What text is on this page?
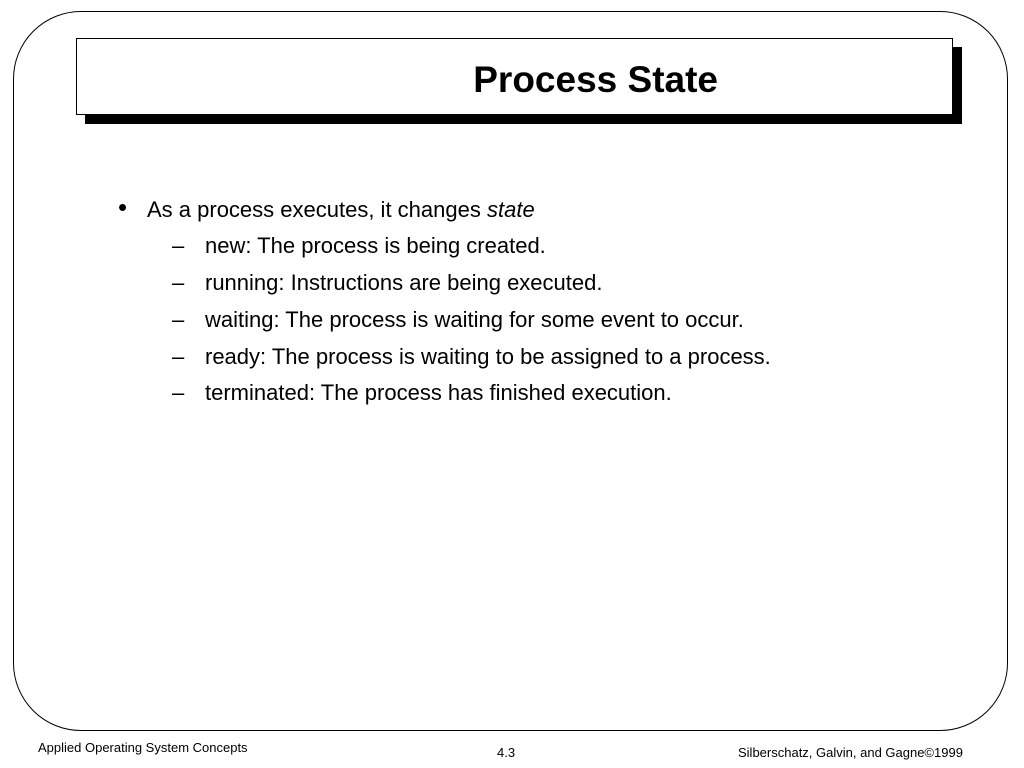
Process State
• As a process executes, it changes state
– new: The process is being created.
– running: Instructions are being executed.
– waiting: The process is waiting for some event to occur.
– ready: The process is waiting to be assigned to a process.
– terminated: The process has finished execution.
Applied Operating System Concepts	4.3	Silberschatz, Galvin, and Gagne©1999
